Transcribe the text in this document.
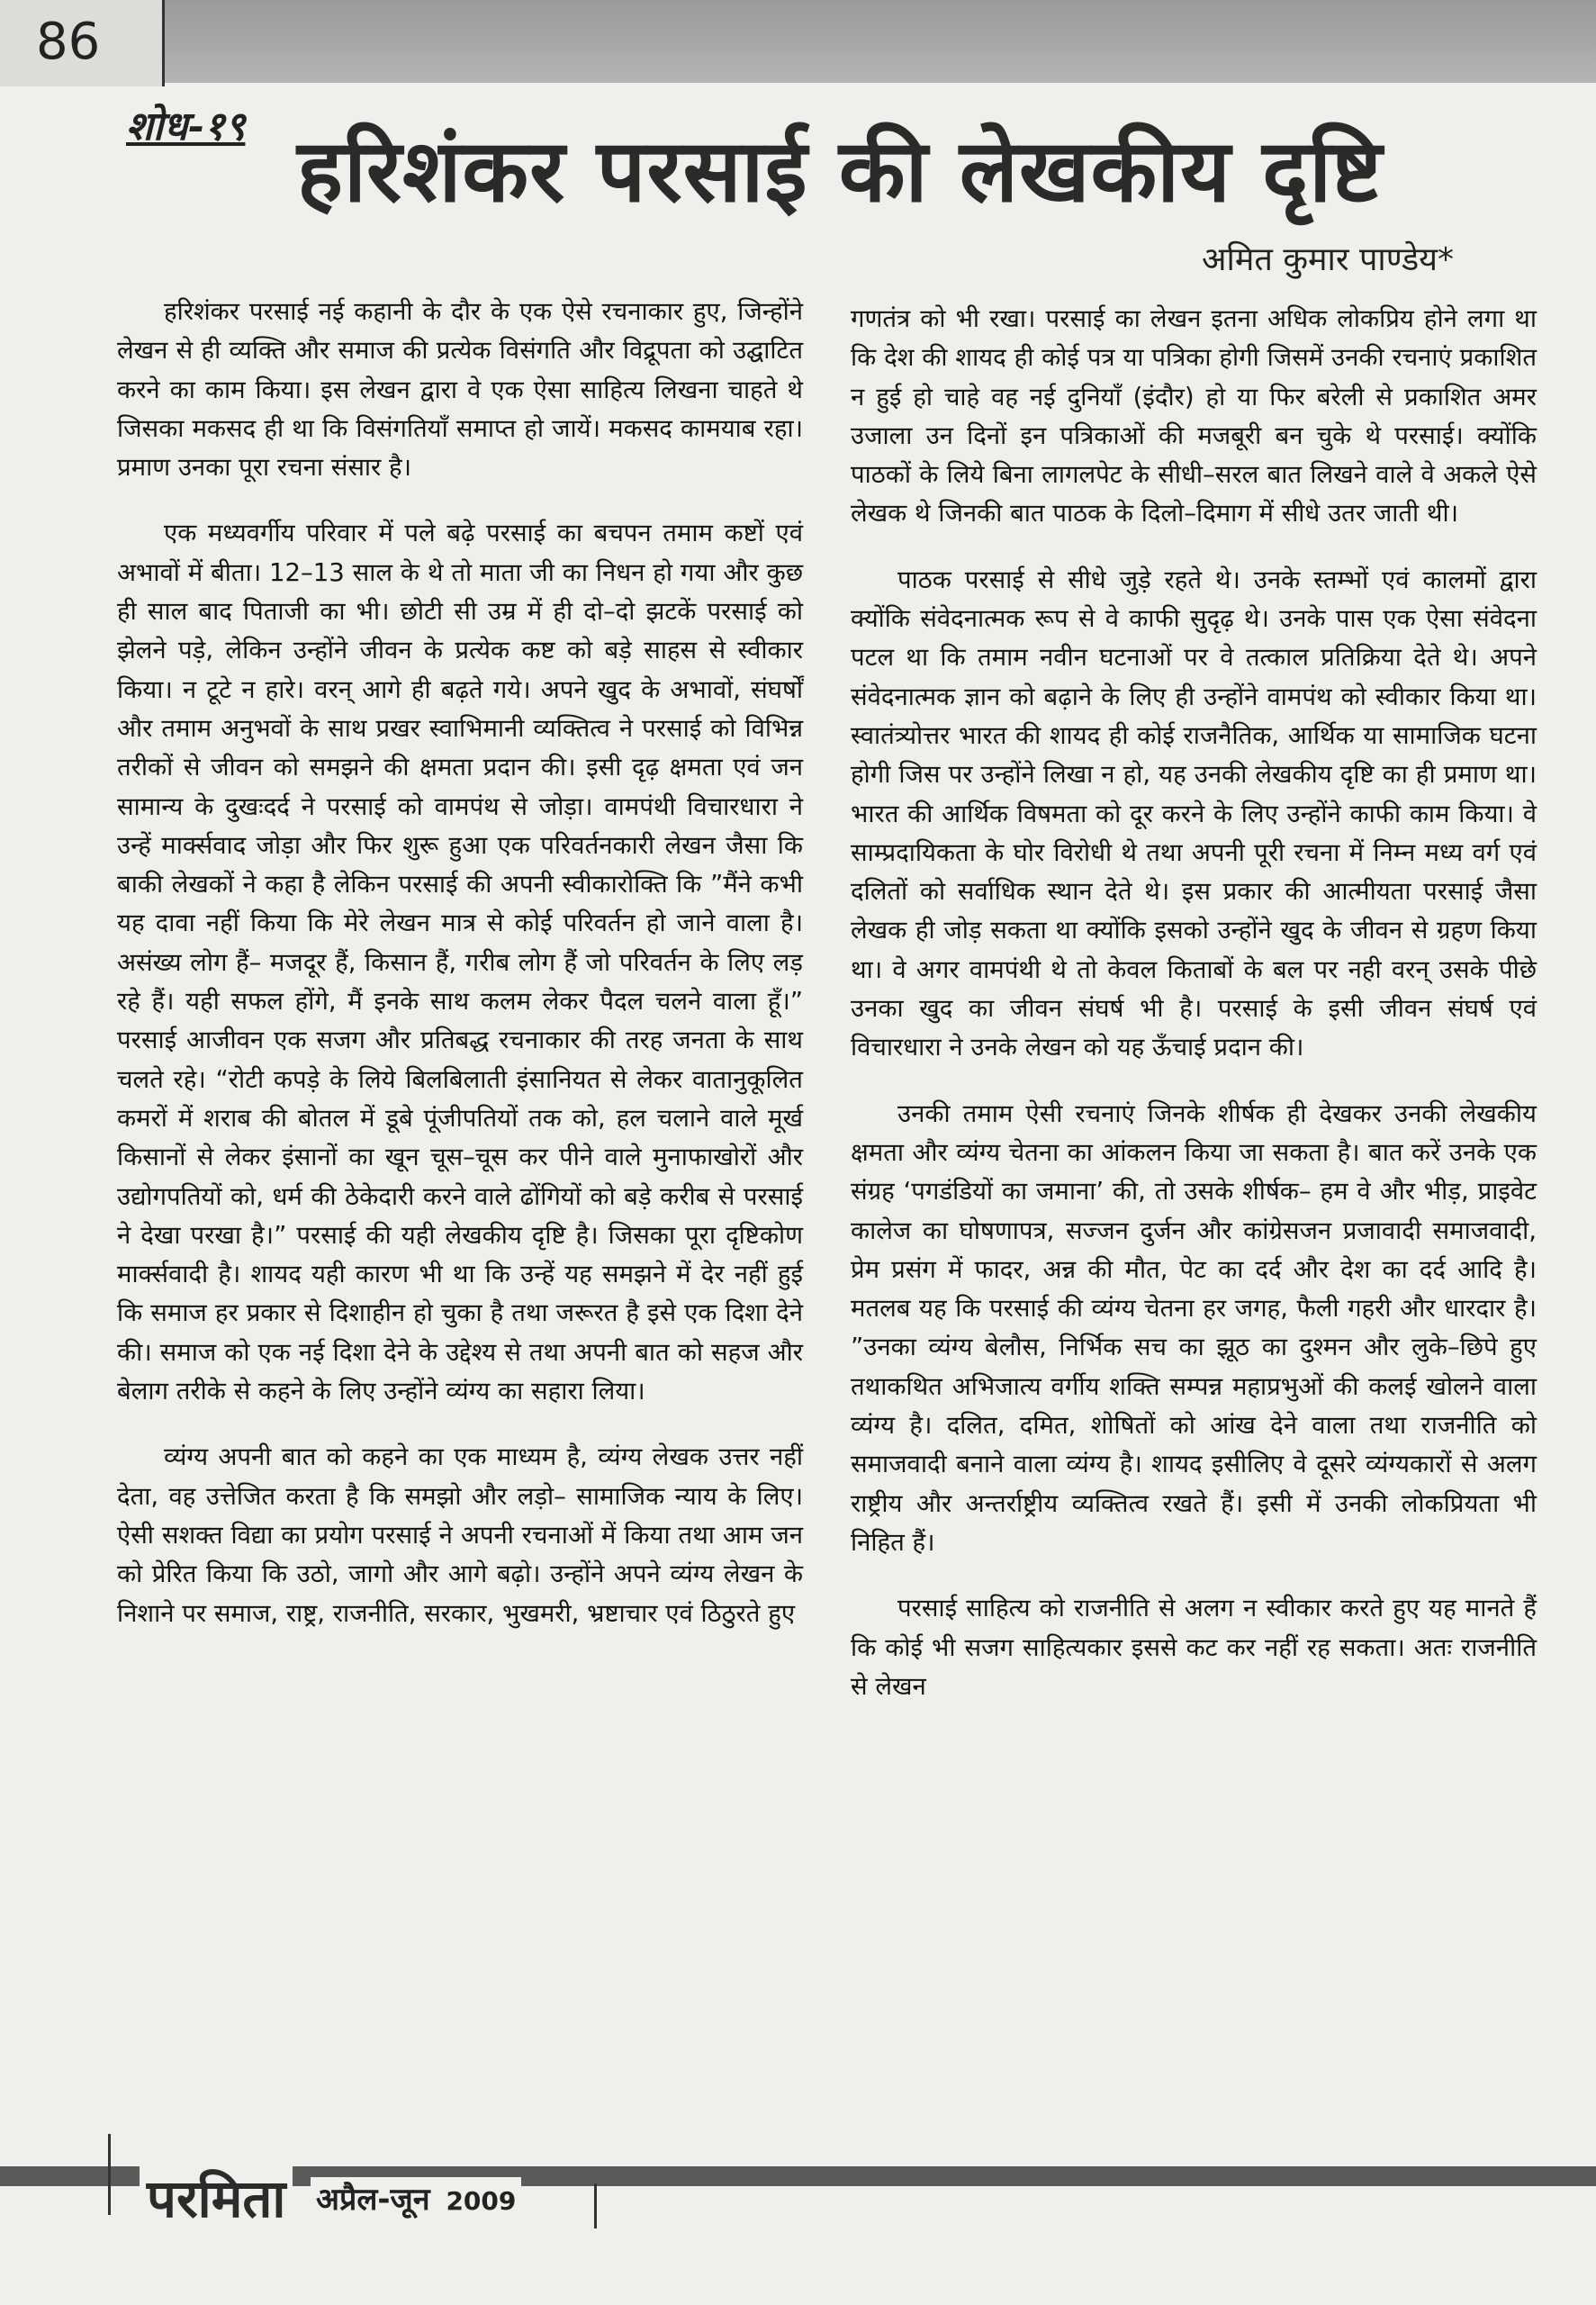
86
शोध-१९ हरिशंकर परसाई की लेखकीय दृष्टि
अमित कुमार पाण्डेय*

हरिशंकर परसाई नई कहानी के दौर के एक ऐसे रचनाकार हुए, जिन्होंने लेखन से ही व्यक्ति और समाज की प्रत्येक विसंगति और विद्रूपता को उद्घाटित करने का काम किया। इस लेखन द्वारा वे एक ऐसा साहित्य लिखना चाहते थे जिसका मकसद ही था कि विसंगतियाँ समाप्त हो जायें। मकसद कामयाब रहा। प्रमाण उनका पूरा रचना संसार है।

एक मध्यवर्गीय परिवार में पले बढ़े परसाई का बचपन तमाम कष्टों एवं अभावों में बीता। 12–13 साल के थे तो माता जी का निधन हो गया और कुछ ही साल बाद पिताजी का भी। छोटी सी उम्र में ही दो–दो झटकें परसाई को झेलने पड़े, लेकिन उन्होंने जीवन के प्रत्येक कष्ट को बड़े साहस से स्वीकार किया। न टूटे न हारे। वरन् आगे ही बढ़ते गये। अपने खुद के अभावों, संघर्षों और तमाम अनुभवों के साथ प्रखर स्वाभिमानी व्यक्तित्व ने परसाई को विभिन्न तरीकों से जीवन को समझने की क्षमता प्रदान की। इसी दृढ़ क्षमता एवं जन सामान्य के दुखःदर्द ने परसाई को वामपंथ से जोड़ा। वामपंथी विचारधारा ने उन्हें मार्क्सवाद जोड़ा और फिर शुरू हुआ एक परिवर्तनकारी लेखन जैसा कि बाकी लेखकों ने कहा है लेकिन परसाई की अपनी स्वीकारोक्ति कि ”मैंने कभी यह दावा नहीं किया कि मेरे लेखन मात्र से कोई परिवर्तन हो जाने वाला है। असंख्य लोग हैं– मजदूर हैं, किसान हैं, गरीब लोग हैं जो परिवर्तन के लिए लड़ रहे हैं। यही सफल होंगे, मैं इनके साथ कलम लेकर पैदल चलने वाला हूँ।” परसाई आजीवन एक सजग और प्रतिबद्ध रचनाकार की तरह जनता के साथ चलते रहे। “रोटी कपड़े के लिये बिलबिलाती इंसानियत से लेकर वातानुकूलित कमरों में शराब की बोतल में डूबे पूंजीपतियों तक को, हल चलाने वाले मूर्ख किसानों से लेकर इंसानों का खून चूस–चूस कर पीने वाले मुनाफाखोरों और उद्योगपतियों को, धर्म की ठेकेदारी करने वाले ढोंगियों को बड़े करीब से परसाई ने देखा परखा है।” परसाई की यही लेखकीय दृष्टि है। जिसका पूरा दृष्टिकोण मार्क्सवादी है। शायद यही कारण भी था कि उन्हें यह समझने में देर नहीं हुई कि समाज हर प्रकार से दिशाहीन हो चुका है तथा जरूरत है इसे एक दिशा देने की। समाज को एक नई दिशा देने के उद्देश्य से तथा अपनी बात को सहज और बेलाग तरीके से कहने के लिए उन्होंने व्यंग्य का सहारा लिया।

व्यंग्य अपनी बात को कहने का एक माध्यम है, व्यंग्य लेखक उत्तर नहीं देता, वह उत्तेजित करता है कि समझो और लड़ो– सामाजिक न्याय के लिए। ऐसी सशक्त विद्या का प्रयोग परसाई ने अपनी रचनाओं में किया तथा आम जन को प्रेरित किया कि उठो, जागो और आगे बढ़ो। उन्होंने अपने व्यंग्य लेखन के निशाने पर समाज, राष्ट्र, राजनीति, सरकार, भुखमरी, भ्रष्टाचार एवं ठिठुरते हुए

गणतंत्र को भी रखा। परसाई का लेखन इतना अधिक लोकप्रिय होने लगा था कि देश की शायद ही कोई पत्र या पत्रिका होगी जिसमें उनकी रचनाएं प्रकाशित न हुई हो चाहे वह नई दुनियाँ (इंदौर) हो या फिर बरेली से प्रकाशित अमर उजाला उन दिनों इन पत्रिकाओं की मजबूरी बन चुके थे परसाई। क्योंकि पाठकों के लिये बिना लागलपेट के सीधी–सरल बात लिखने वाले वे अकले ऐसे लेखक थे जिनकी बात पाठक के दिलो–दिमाग में सीधे उतर जाती थी।

पाठक परसाई से सीधे जुड़े रहते थे। उनके स्तम्भों एवं कालमों द्वारा क्योंकि संवेदनात्मक रूप से वे काफी सुदृढ़ थे। उनके पास एक ऐसा संवेदना पटल था कि तमाम नवीन घटनाओं पर वे तत्काल प्रतिक्रिया देते थे। अपने संवेदनात्मक ज्ञान को बढ़ाने के लिए ही उन्होंने वामपंथ को स्वीकार किया था। स्वातंत्र्योत्तर भारत की शायद ही कोई राजनैतिक, आर्थिक या सामाजिक घटना होगी जिस पर उन्होंने लिखा न हो, यह उनकी लेखकीय दृष्टि का ही प्रमाण था। भारत की आर्थिक विषमता को दूर करने के लिए उन्होंने काफी काम किया। वे साम्प्रदायिकता के घोर विरोधी थे तथा अपनी पूरी रचना में निम्न मध्य वर्ग एवं दलितों को सर्वाधिक स्थान देते थे। इस प्रकार की आत्मीयता परसाई जैसा लेखक ही जोड़ सकता था क्योंकि इसको उन्होंने खुद के जीवन से ग्रहण किया था। वे अगर वामपंथी थे तो केवल किताबों के बल पर नही वरन् उसके पीछे उनका खुद का जीवन संघर्ष भी है। परसाई के इसी जीवन संघर्ष एवं विचारधारा ने उनके लेखन को यह ऊँचाई प्रदान की।

उनकी तमाम ऐसी रचनाएं जिनके शीर्षक ही देखकर उनकी लेखकीय क्षमता और व्यंग्य चेतना का आंकलन किया जा सकता है। बात करें उनके एक संग्रह ‘पगडंडियों का जमाना’ की, तो उसके शीर्षक– हम वे और भीड़, प्राइवेट कालेज का घोषणापत्र, सज्जन दुर्जन और कांग्रेसजन प्रजावादी समाजवादी, प्रेम प्रसंग में फादर, अन्न की मौत, पेट का दर्द और देश का दर्द आदि है। मतलब यह कि परसाई की व्यंग्य चेतना हर जगह, फैली गहरी और धारदार है। ”उनका व्यंग्य बेलौस, निर्भिक सच का झूठ का दुश्मन और लुके–छिपे हुए तथाकथित अभिजात्य वर्गीय शक्ति सम्पन्न महाप्रभुओं की कलई खोलने वाला व्यंग्य है। दलित, दमित, शोषितों को आंख देने वाला तथा राजनीति को समाजवादी बनाने वाला व्यंग्य है। शायद इसीलिए वे दूसरे व्यंग्यकारों से अलग राष्ट्रीय और अन्तर्राष्ट्रीय व्यक्तित्व रखते हैं। इसी में उनकी लोकप्रियता भी निहित हैं।

परसाई साहित्य को राजनीति से अलग न स्वीकार करते हुए यह मानते हैं कि कोई भी सजग साहित्यकार इससे कट कर नहीं रह सकता। अतः राजनीति से लेखन

परमिता अप्रैल-जून 2009
